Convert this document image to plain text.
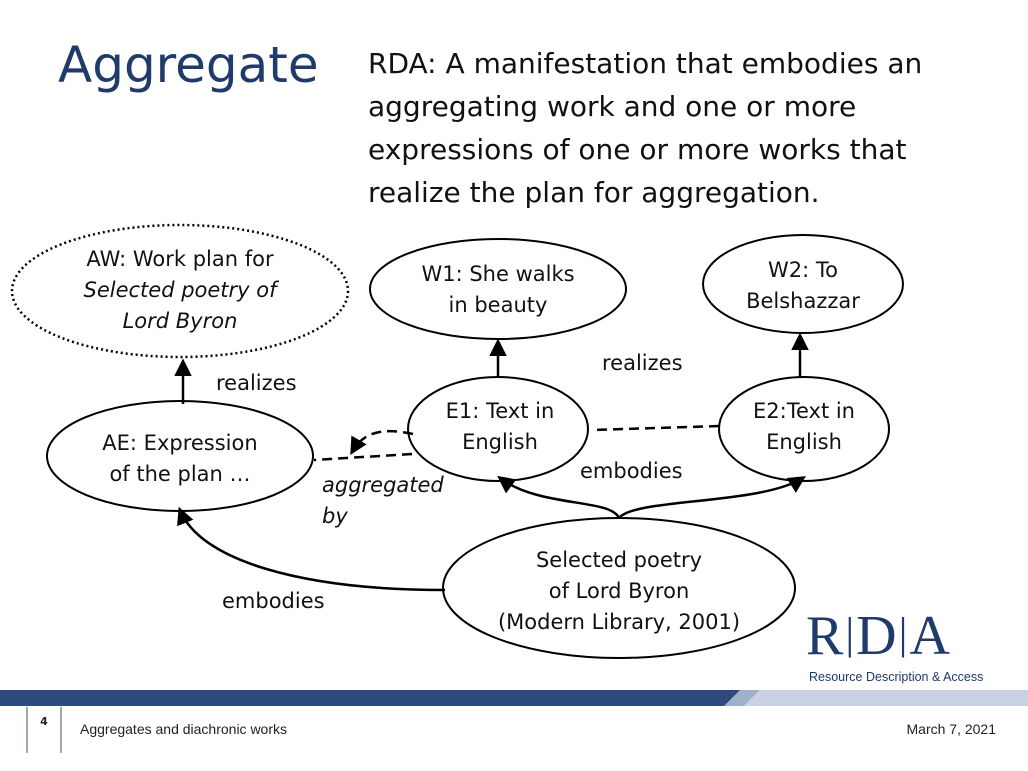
Aggregate RDA: A manifestation that embodies an aggregating work and one or more expressions of one or more works that realize the plan for aggregation.
AW: Work plan for
Selected poetry of
Lord Byron
AE: Expression
of the plan …
W1: She walks
in beauty
W2: To
Belshazzar
E1: Text in
English
E2:Text in
English
Selected poetry
of Lord Byron
(Modern Library, 2001)
realizes
realizes
aggregated
by
embodies
embodies
R|D|A
Resource Description & Access
4	Aggregates and diachronic works	March 7, 2021
